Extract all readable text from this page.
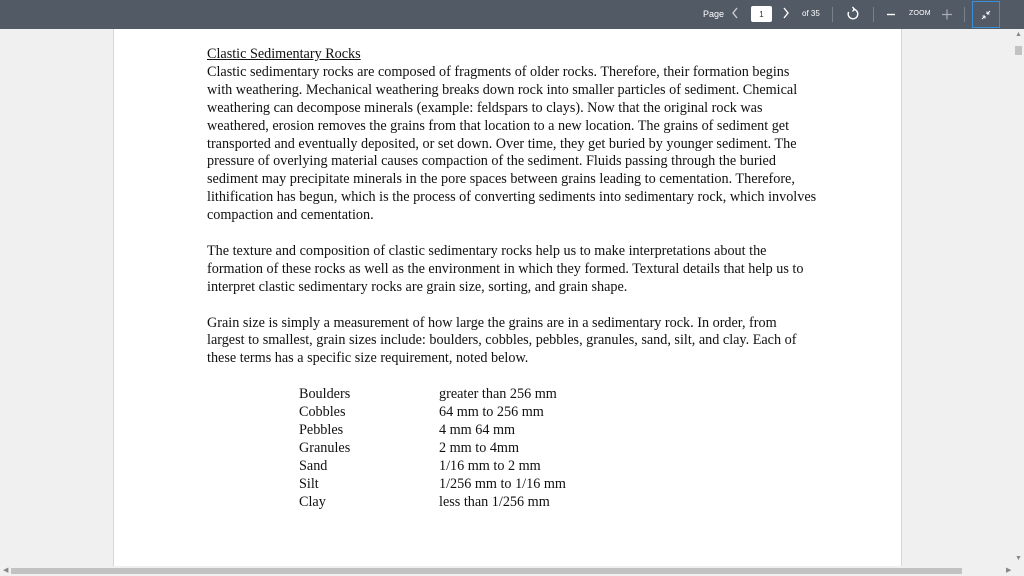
Page
1	of 35	ZOOM
Clastic Sedimentary Rocks

Clastic sedimentary rocks are composed of fragments of older rocks. Therefore, their formation begins with weathering. Mechanical weathering breaks down rock into smaller particles of sediment. Chemical weathering can decompose minerals (example: feldspars to clays). Now that the original rock was weathered, erosion removes the grains from that location to a new location. The grains of sediment get transported and eventually deposited, or set down. Over time, they get buried by younger sediment. The pressure of overlying material causes compaction of the sediment. Fluids passing through the buried sediment may precipitate minerals in the pore spaces between grains leading to cementation. Therefore, lithification has begun, which is the process of converting sediments into sedimentary rock, which involves compaction and cementation.

The texture and composition of clastic sedimentary rocks help us to make interpretations about the formation of these rocks as well as the environment in which they formed. Textural details that help us to interpret clastic sedimentary rocks are grain size, sorting, and grain shape.

Grain size is simply a measurement of how large the grains are in a sedimentary rock. In order, from largest to smallest, grain sizes include: boulders, cobbles, pebbles, granules, sand, silt, and clay. Each of these terms has a specific size requirement, noted below.

Boulders	greater than 256 mm
Cobbles	64 mm to 256 mm
Pebbles	4 mm 64 mm
Granules	2 mm to 4mm
Sand	1/16 mm to 2 mm
Silt	1/256 mm to 1/16 mm
Clay	less than 1/256 mm
▲
▼
◀	▶
